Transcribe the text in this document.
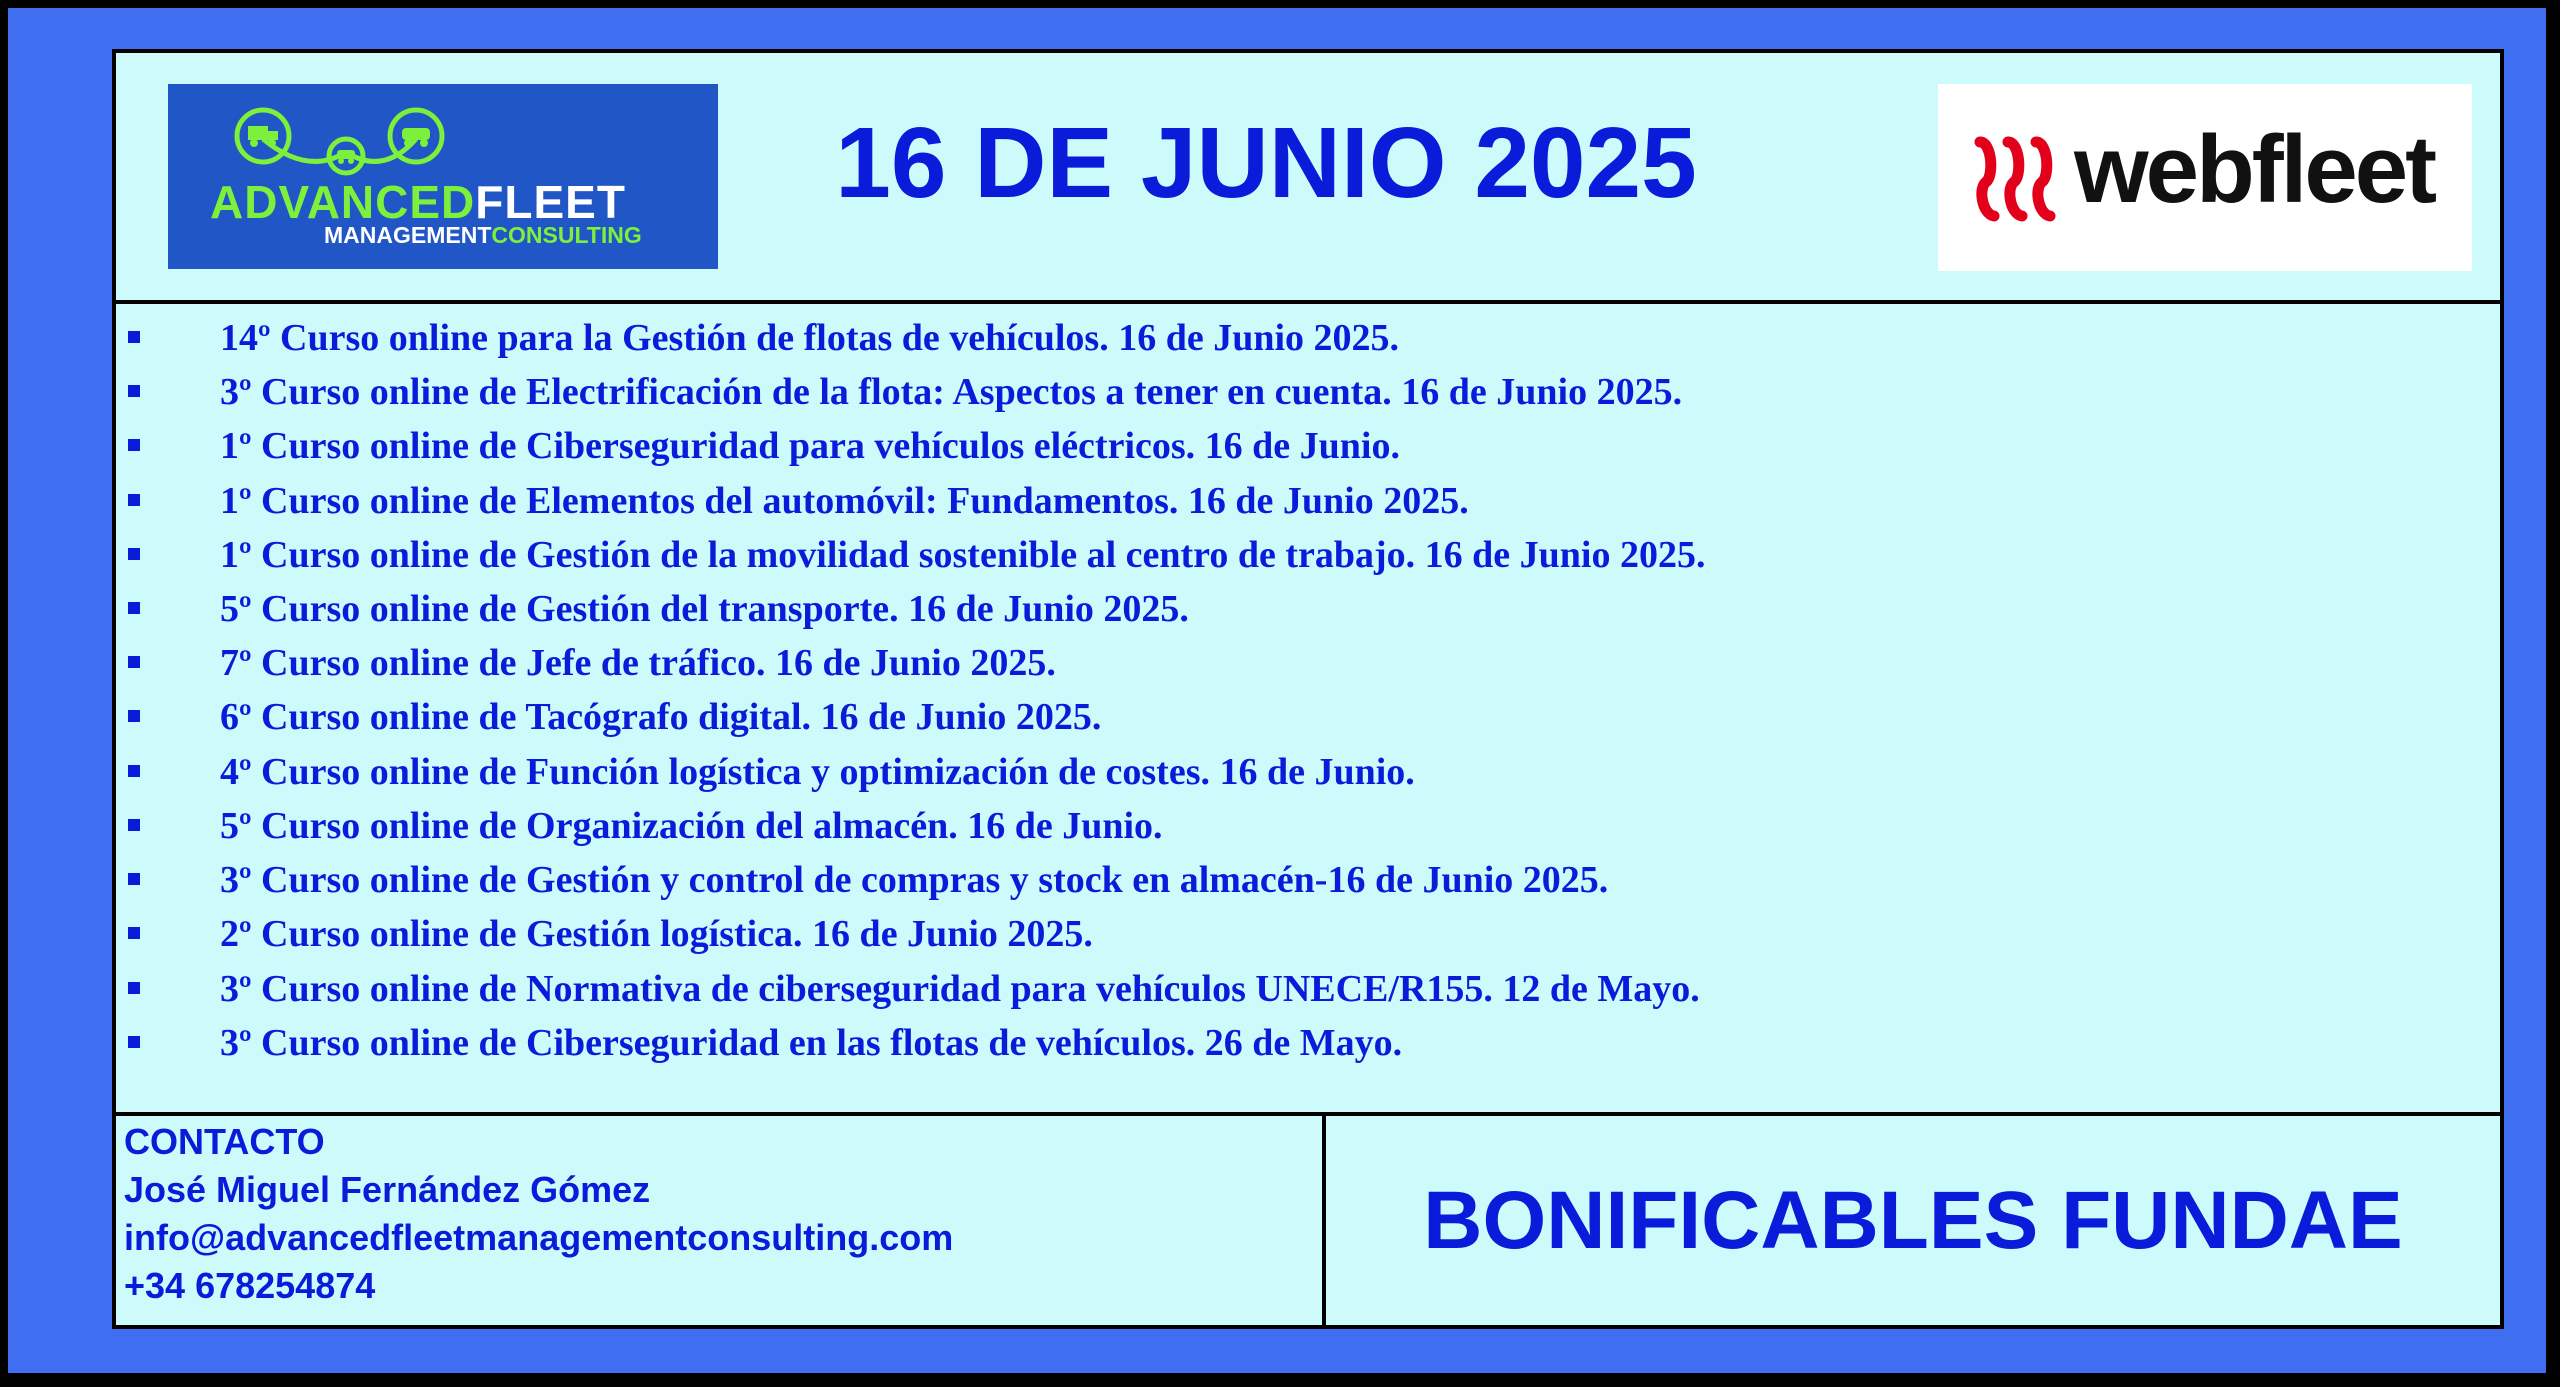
ADVANCEDFLEET
MANAGEMENTCONSULTING
16 DE JUNIO 2025	webfleet
14º Curso online para la Gestión de flotas de vehículos. 16 de Junio 2025.
3º Curso online de Electrificación de la flota: Aspectos a tener en cuenta. 16 de Junio 2025.
1º Curso online de Ciberseguridad para vehículos eléctricos. 16 de Junio.
1º Curso online de Elementos del automóvil: Fundamentos. 16 de Junio 2025.
1º Curso online de Gestión de la movilidad sostenible al centro de trabajo. 16 de Junio 2025.
5º Curso online de Gestión del transporte. 16 de Junio 2025.
7º Curso online de Jefe de tráfico. 16 de Junio 2025.
6º Curso online de Tacógrafo digital. 16 de Junio 2025.
4º Curso online de Función logística y optimización de costes. 16 de Junio.
5º Curso online de Organización del almacén. 16 de Junio.
3º Curso online de Gestión y control de compras y stock en almacén-16 de Junio 2025.
2º Curso online de Gestión logística. 16 de Junio 2025.
3º Curso online de Normativa de ciberseguridad para vehículos UNECE/R155. 12 de Mayo.
3º Curso online de Ciberseguridad en las flotas de vehículos. 26 de Mayo.
CONTACTO
José Miguel Fernández Gómez
info@advancedfleetmanagementconsulting.com
+34 678254874
BONIFICABLES FUNDAE
